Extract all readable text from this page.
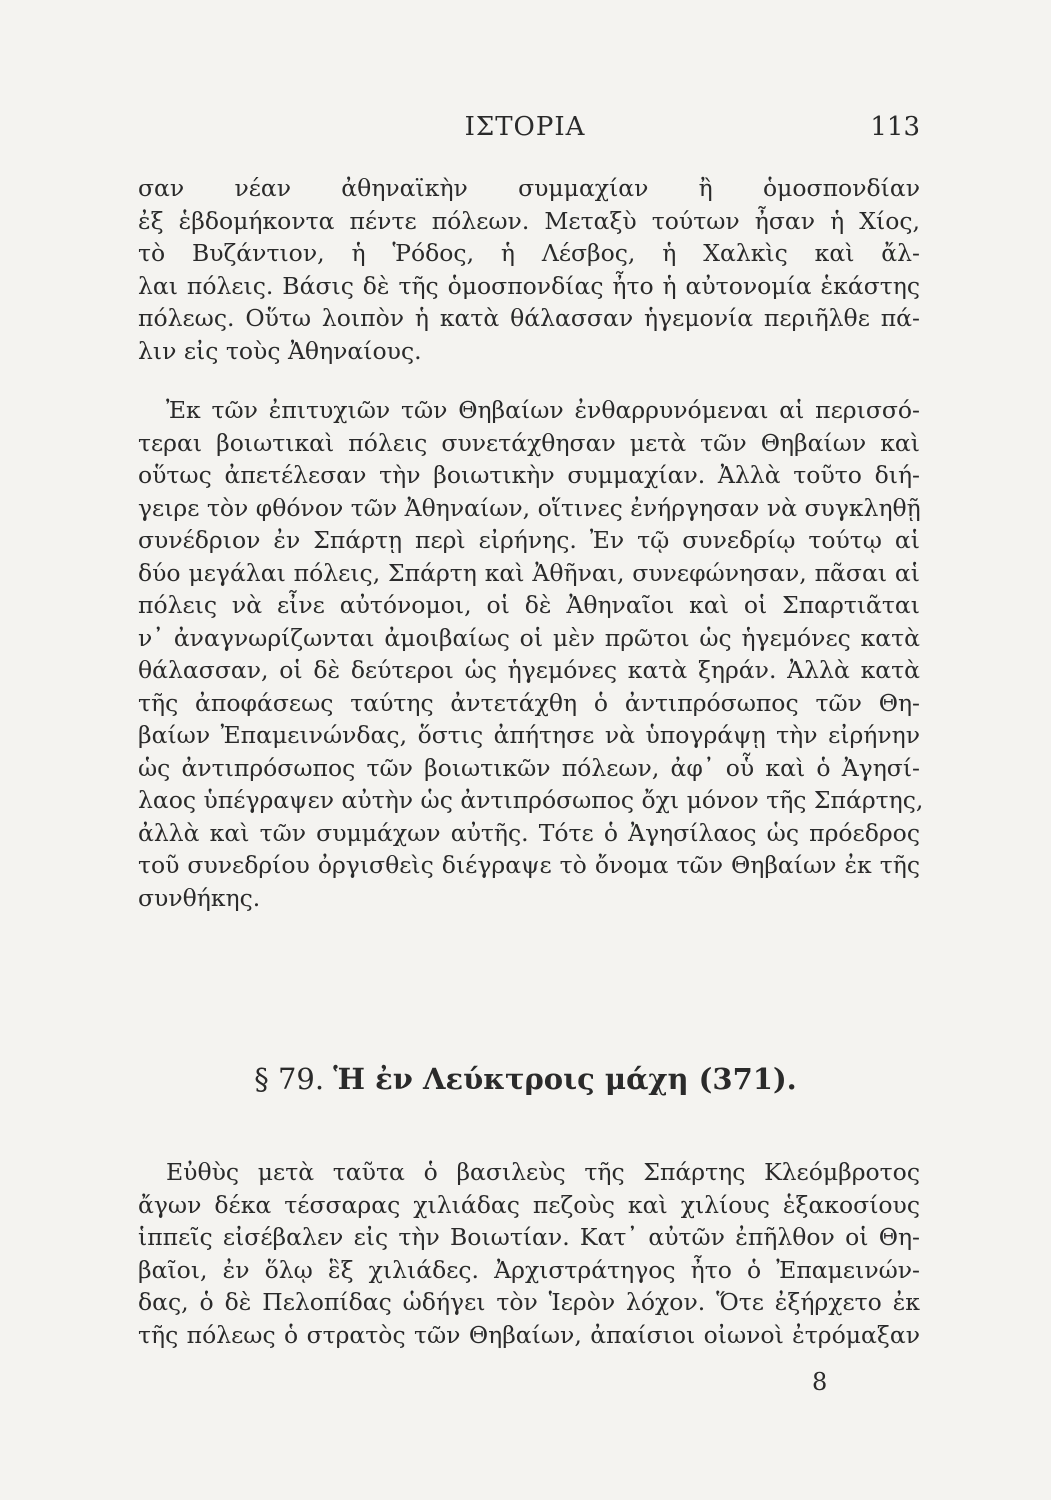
ΙΣΤΟΡΙΑ	113
σαν νέαν ἀθηναϊκὴν συμμαχίαν ἢ ὁμοσπονδίαν
ἐξ ἑβδομήκοντα πέντε πόλεων. Μεταξὺ τούτων ἦσαν ἡ Χίος,
τὸ Βυζάντιον, ἡ Ῥόδος, ἡ Λέσβος, ἡ Χαλκὶς καὶ ἄλ-
λαι πόλεις. Βάσις δὲ τῆς ὁμοσπονδίας ἦτο ἡ αὐτονομία ἑκάστης
πόλεως. Οὕτω λοιπὸν ἡ κατὰ θάλασσαν ἡγεμονία περιῆλθε πά-
λιν εἰς τοὺς Ἀθηναίους.
Ἐκ τῶν ἐπιτυχιῶν τῶν Θηβαίων ἐνθαρρυνόμεναι αἱ περισσό-
τεραι βοιωτικαὶ πόλεις συνετάχθησαν μετὰ τῶν Θηβαίων καὶ
οὕτως ἀπετέλεσαν τὴν βοιωτικὴν συμμαχίαν. Ἀλλὰ τοῦτο διή-
γειρε τὸν φθόνον τῶν Ἀθηναίων, οἵτινες ἐνήργησαν νὰ συγκληθῇ
συνέδριον ἐν Σπάρτῃ περὶ εἰρήνης. Ἐν τῷ συνεδρίῳ τούτῳ αἱ
δύο μεγάλαι πόλεις, Σπάρτη καὶ Ἀθῆναι, συνεφώνησαν, πᾶσαι αἱ
πόλεις νὰ εἶνε αὐτόνομοι, οἱ δὲ Ἀθηναῖοι καὶ οἱ Σπαρτιᾶται
ν᾿ ἀναγνωρίζωνται ἀμοιβαίως οἱ μὲν πρῶτοι ὡς ἡγεμόνες κατὰ
θάλασσαν, οἱ δὲ δεύτεροι ὡς ἡγεμόνες κατὰ ξηράν. Ἀλλὰ κατὰ
τῆς ἀποφάσεως ταύτης ἀντετάχθη ὁ ἀντιπρόσωπος τῶν Θη-
βαίων Ἐπαμεινώνδας, ὅστις ἀπήτησε νὰ ὑπογράψῃ τὴν εἰρήνην
ὡς ἀντιπρόσωπος τῶν βοιωτικῶν πόλεων, ἀφ᾿ οὗ καὶ ὁ Ἀγησί-
λαος ὑπέγραψεν αὐτὴν ὡς ἀντιπρόσωπος ὄχι μόνον τῆς Σπάρτης,
ἀλλὰ καὶ τῶν συμμάχων αὐτῆς. Τότε ὁ Ἀγησίλαος ὡς πρόεδρος
τοῦ συνεδρίου ὀργισθεὶς διέγραψε τὸ ὄνομα τῶν Θηβαίων ἐκ τῆς
συνθήκης.
§ 79. Ἡ ἐν Λεύκτροις μάχη (371).
Εὐθὺς μετὰ ταῦτα ὁ βασιλεὺς τῆς Σπάρτης Κλεόμβροτος
ἄγων δέκα τέσσαρας χιλιάδας πεζοὺς καὶ χιλίους ἑξακοσίους
ἱππεῖς εἰσέβαλεν εἰς τὴν Βοιωτίαν. Κατ᾿ αὐτῶν ἐπῆλθον οἱ Θη-
βαῖοι, ἐν ὅλῳ ἓξ χιλιάδες. Ἀρχιστράτηγος ἦτο ὁ Ἐπαμεινών-
δας, ὁ δὲ Πελοπίδας ὡδήγει τὸν Ἱερὸν λόχον. Ὅτε ἐξήρχετο ἐκ
τῆς πόλεως ὁ στρατὸς τῶν Θηβαίων, ἀπαίσιοι οἰωνοὶ ἐτρόμαξαν
8
